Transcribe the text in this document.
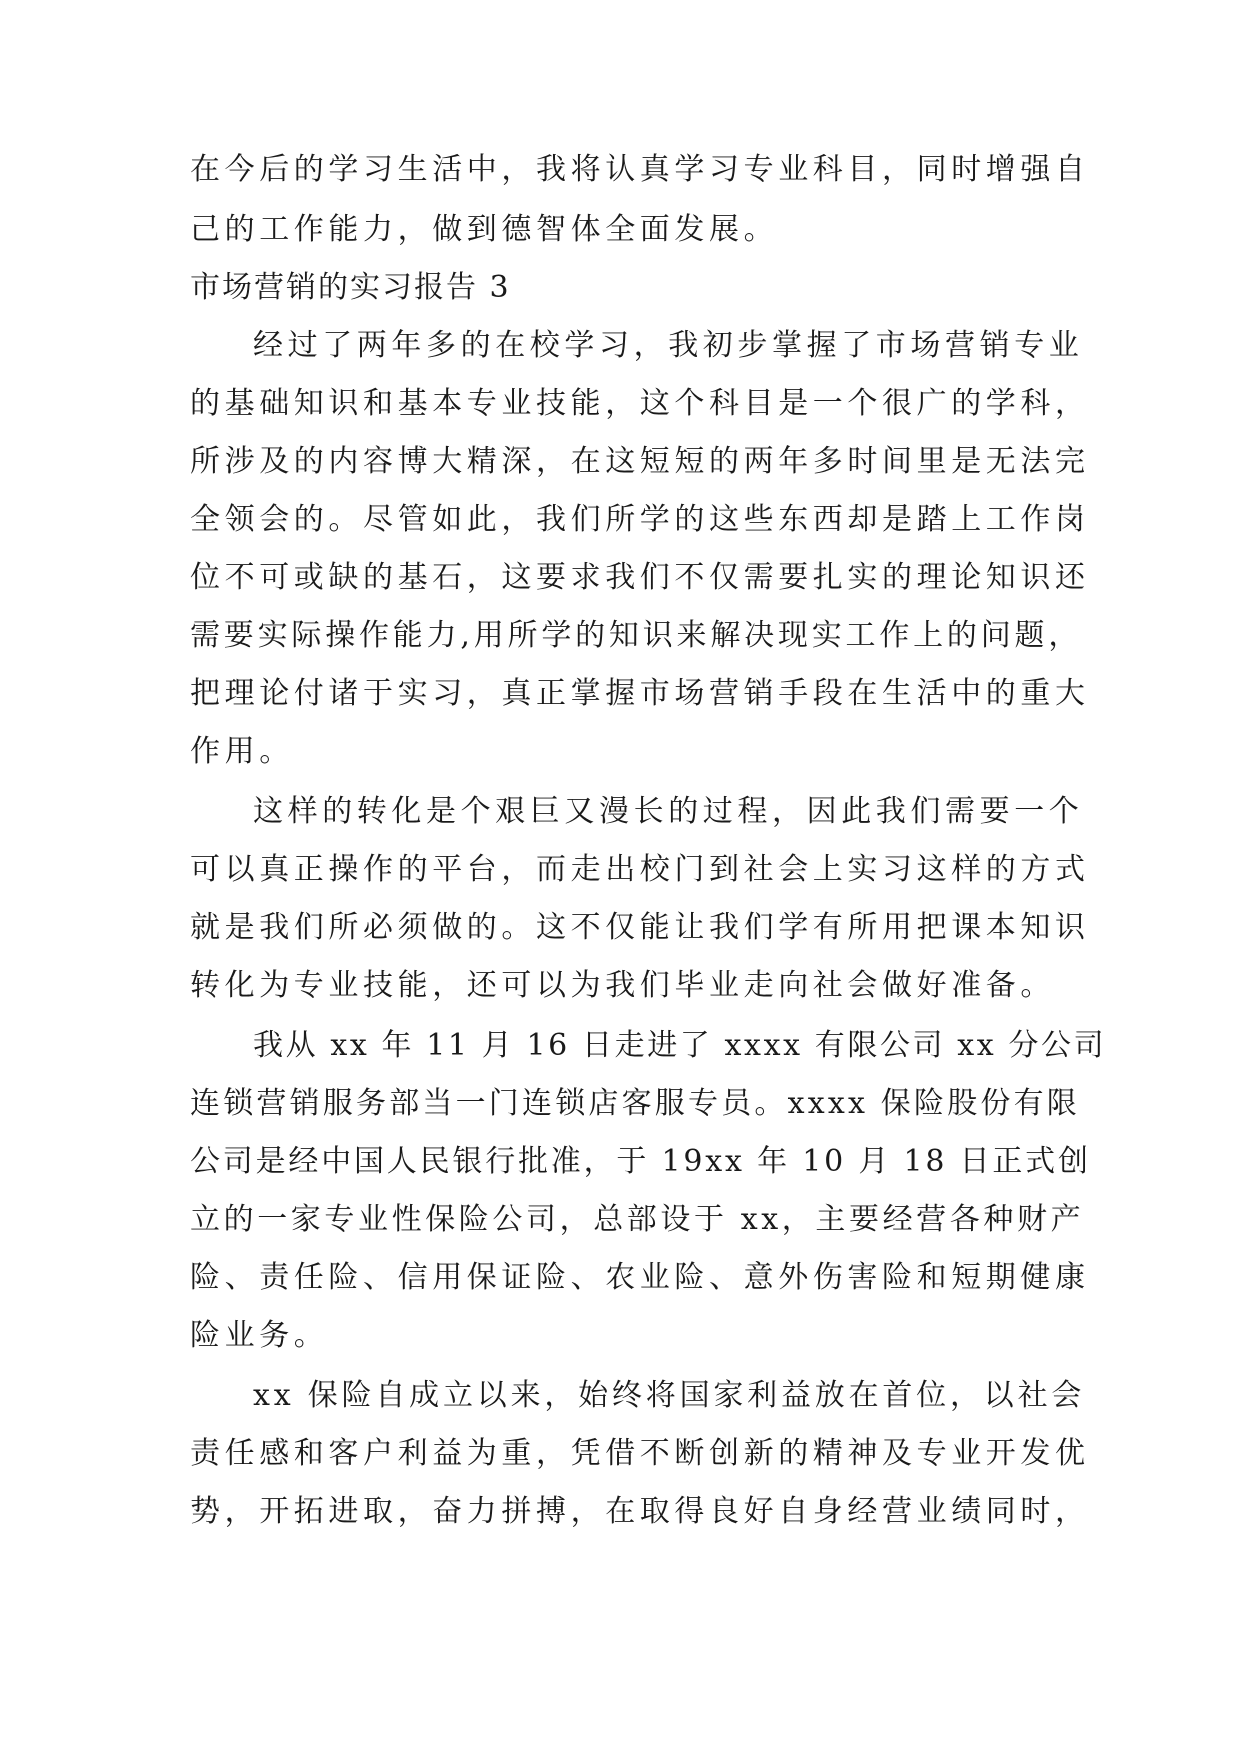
在今后的学习生活中，我将认真学习专业科目，同时增强自
己的工作能力，做到德智体全面发展。
市场营销的实习报告 3
经过了两年多的在校学习，我初步掌握了市场营销专业
的基础知识和基本专业技能，这个科目是一个很广的学科，
所涉及的内容博大精深，在这短短的两年多时间里是无法完
全领会的。尽管如此，我们所学的这些东西却是踏上工作岗
位不可或缺的基石，这要求我们不仅需要扎实的理论知识还
需要实际操作能力,用所学的知识来解决现实工作上的问题，
把理论付诸于实习，真正掌握市场营销手段在生活中的重大
作用。
这样的转化是个艰巨又漫长的过程，因此我们需要一个
可以真正操作的平台，而走出校门到社会上实习这样的方式
就是我们所必须做的。这不仅能让我们学有所用把课本知识
转化为专业技能，还可以为我们毕业走向社会做好准备。
我从 xx 年 11 月 16 日走进了 xxxx 有限公司 xx 分公司
连锁营销服务部当一门连锁店客服专员。xxxx 保险股份有限
公司是经中国人民银行批准，于 19xx 年 10 月 18 日正式创
立的一家专业性保险公司，总部设于 xx，主要经营各种财产
险、责任险、信用保证险、农业险、意外伤害险和短期健康
险业务。
xx 保险自成立以来，始终将国家利益放在首位，以社会
责任感和客户利益为重，凭借不断创新的精神及专业开发优
势，开拓进取，奋力拼搏，在取得良好自身经营业绩同时，
